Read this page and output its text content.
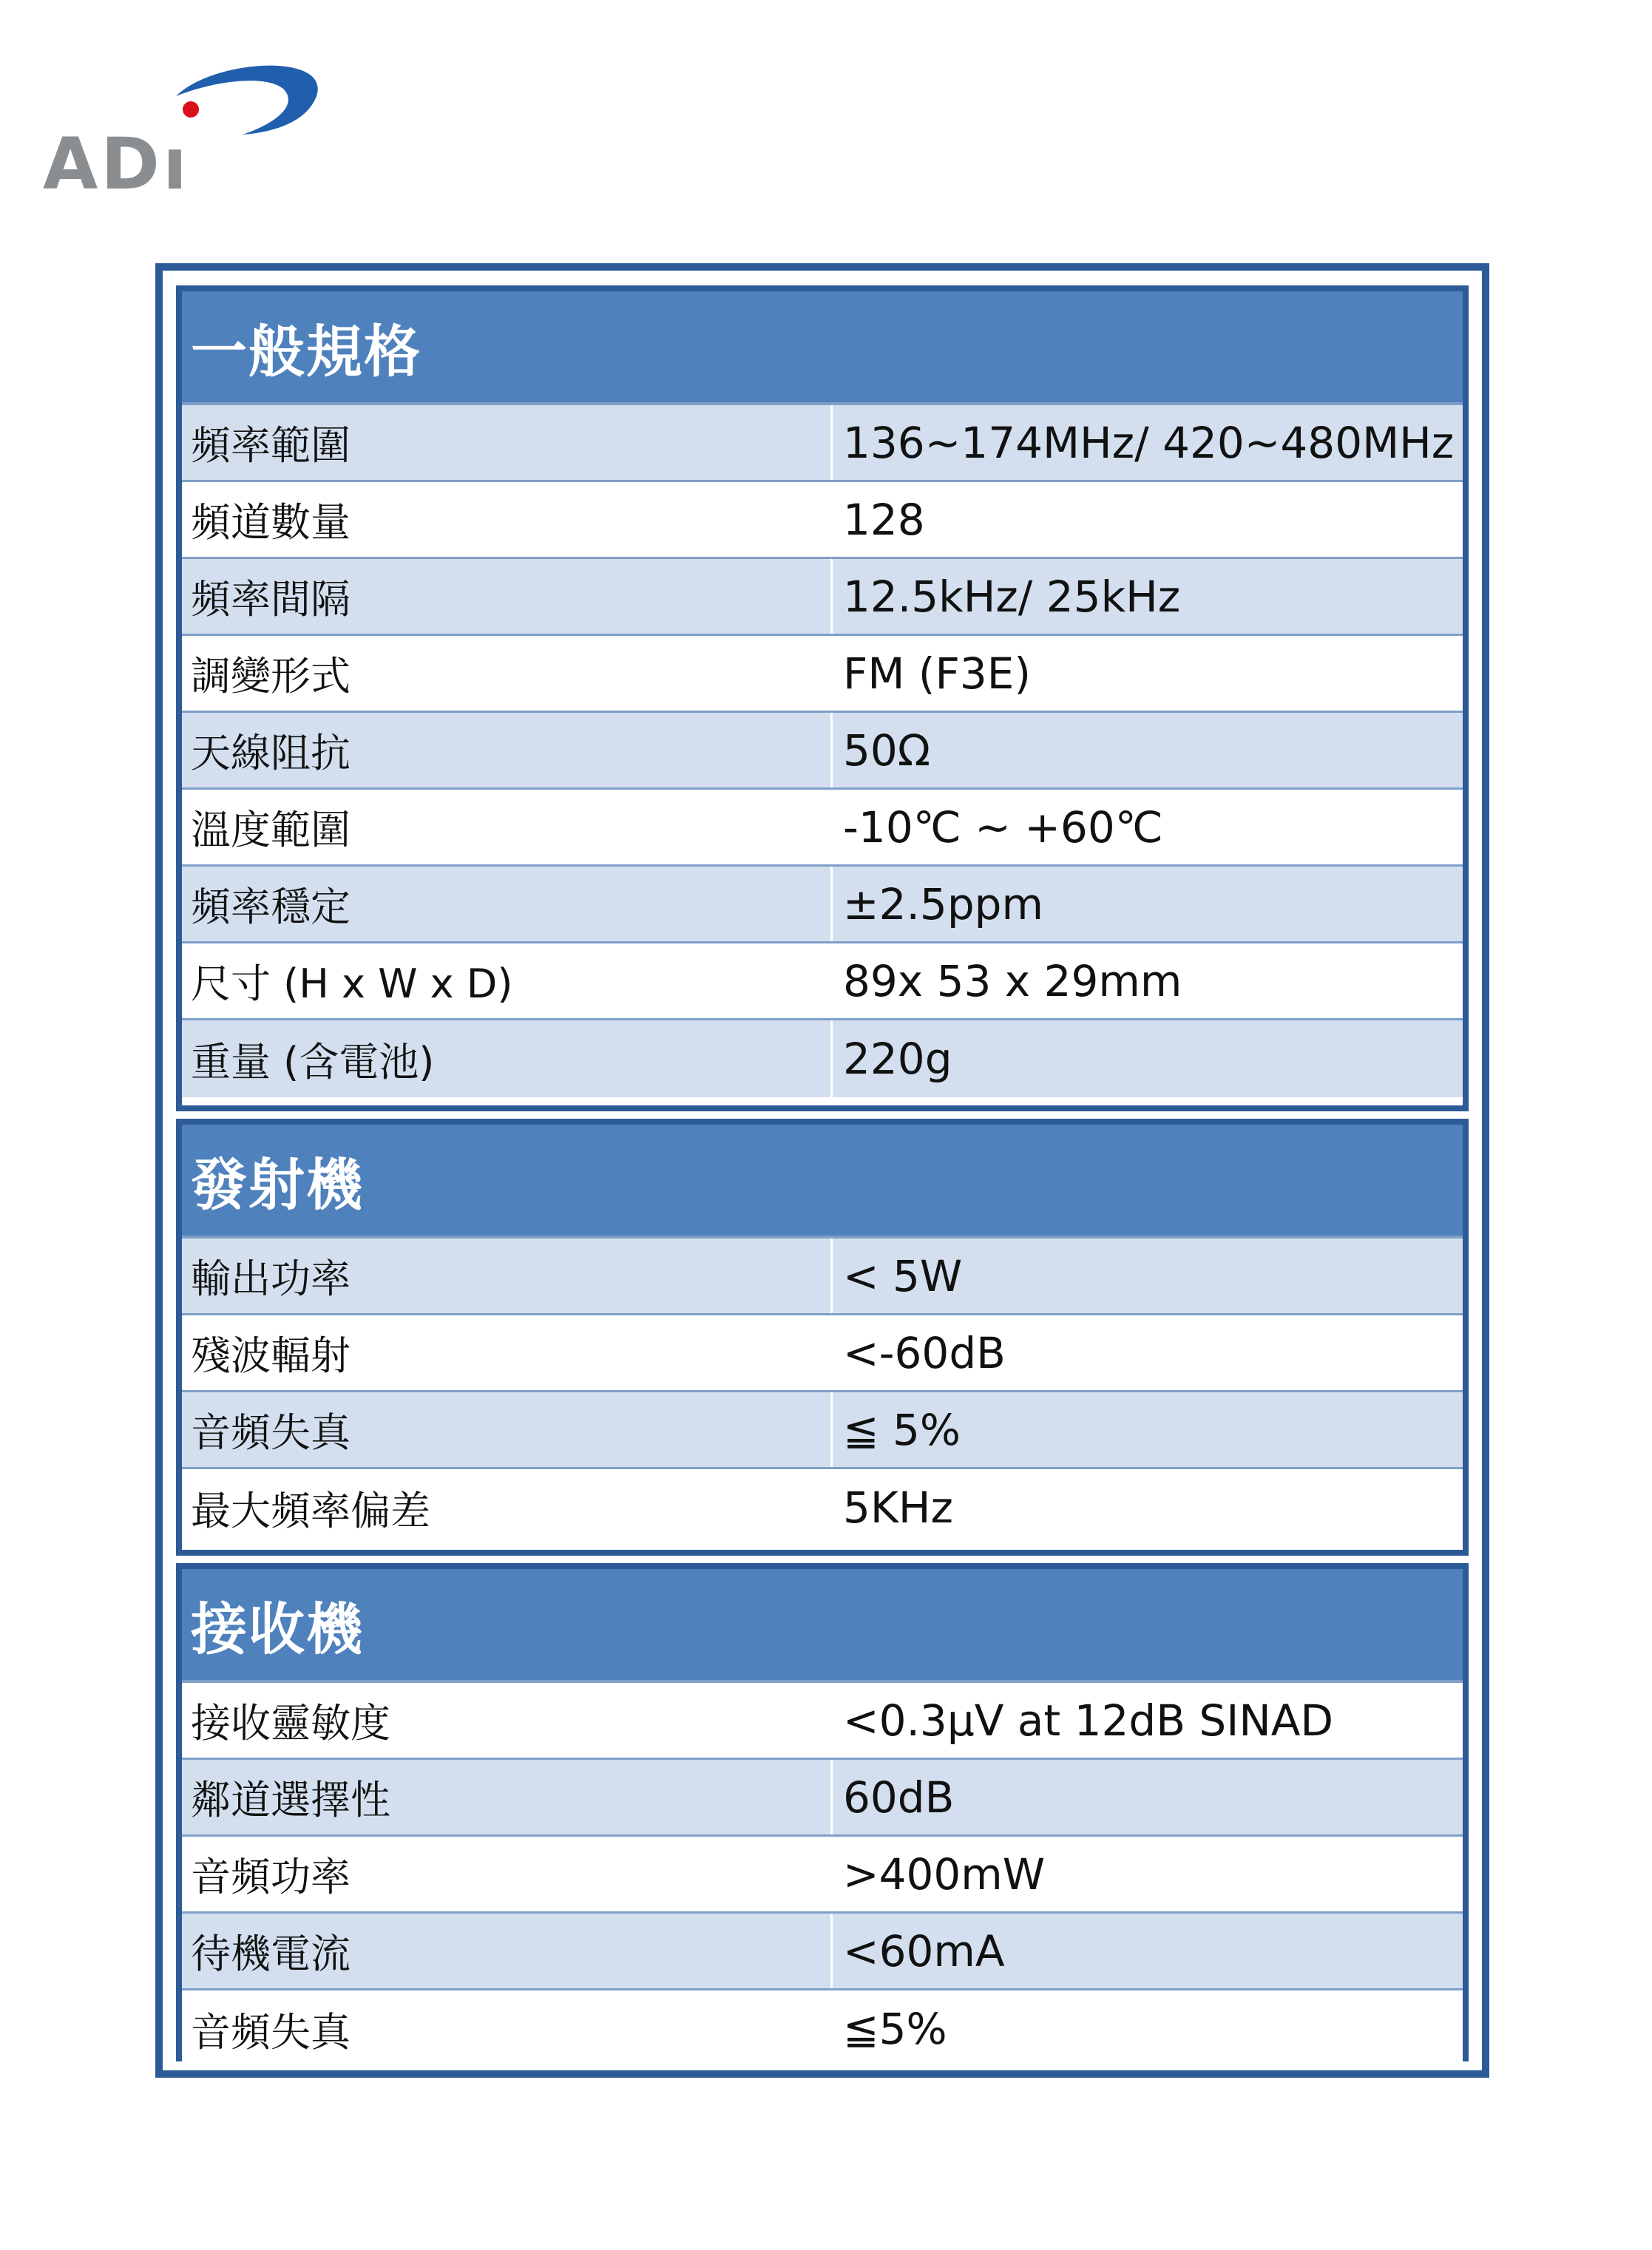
ADı
一般規格
頻率範圍	136~174MHz/ 420~480MHz
頻道數量	128
頻率間隔	12.5kHz/ 25kHz
調變形式	FM (F3E)
天線阻抗	50Ω
溫度範圍	-10℃ ~ +60℃
頻率穩定	±2.5ppm
尺寸 (H x W x D)	89x 53 x 29mm
重量 (含電池)	220g
發射機
輸出功率	< 5W
殘波輻射	<-60dB
音頻失真	≦ 5%
最大頻率偏差	5KHz
接收機
接收靈敏度	<0.3μV at 12dB SINAD
鄰道選擇性	60dB
音頻功率	>400mW
待機電流	<60mA
音頻失真	≦5%
